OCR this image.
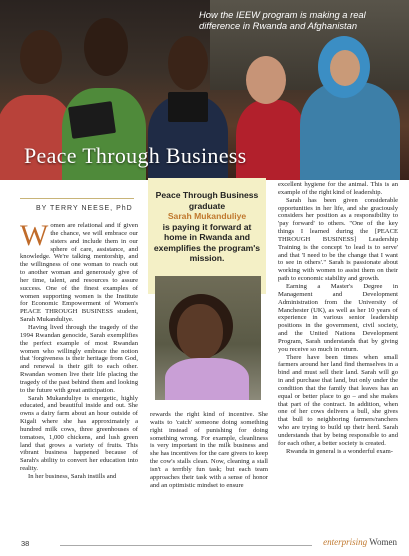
How the IEEW program is making a real difference in Rwanda and Afghanistan
Peace Through Business
BY TERRY NEESE, PhD

Women are relational and if given the chance, we will embrace our sisters and include them in our sphere of care, assistance, and knowledge. We're talking mentorship, and the willingness of one woman to reach out to another woman and generously give of her time, talent, and resources to assure success. One of the finest examples of women supporting women is the Institute for Economic Empowerment of Women's PEACE THROUGH BUSINESS student, Sarah Mukanduliye.

Having lived through the tragedy of the 1994 Rwandan genocide, Sarah exemplifies the perfect example of most Rwandan women who willingly embrace the notion that 'forgiveness is their heritage from God, and renewal is their gift to each other. Rwandan women live their life placing the tragedy of the past behind them and looking to the future with great anticipation.

Sarah Mukanduliye is energetic, highly educated, and beautiful inside and out. She owns a dairy farm about an hour outside of Kigali where she has approximately a hundred milk cows, three greenhouses of tomatoes, 1,000 chickens, and lush green land that grows a variety of fruits. This vibrant business happened because of Sarah's ability to convert her education into reality.

In her business, Sarah instills and

Peace Through Business graduate
Sarah Mukanduliye
is paying it forward at home in Rwanda and exemplifies the program's mission.

rewards the right kind of incentive. She waits to 'catch' someone doing something right instead of punishing for doing something wrong. For example, cleanliness is very important in the milk business and she has incentives for the care givers to keep the cow's stalls clean. Now, cleaning a stall isn't a terribly fun task; but each team approaches their task with a sense of honor and an optimistic mindset to ensure

excellent hygiene for the animal. This is an example of the right kind of leadership.

Sarah has been given considerable opportunities in her life, and she graciously considers her position as a responsibility to 'pay forward' to others. "One of the key things I learned during the [PEACE THROUGH BUSINESS] Leadership Training is the concept 'to lead is to serve' and that 'I need to be the change that I want to see in others'." Sarah is passionate about working with women to assist them on their path to economic stability and growth.

Earning a Master's Degree in Management and Development Administration from the University of Manchester (UK), as well as her 10 years of experience in various senior leadership positions in the government, civil society, and the United Nations Development Program, Sarah understands that by giving you receive so much in return.

There have been times when small farmers around her land find themselves in a bind and must sell their land. Sarah will go in and purchase that land, but only under the condition that the family that leaves has an equal or better place to go – and she makes that part of the contract. In addition, when one of her cows delivers a bull, she gives that bull to neighboring farmers/ranchers who are trying to build up their herd. Sarah understands that by being responsible to and for each other, a better society is created.

Rwanda in general is a wonderful exam-

38	enterprising Women
